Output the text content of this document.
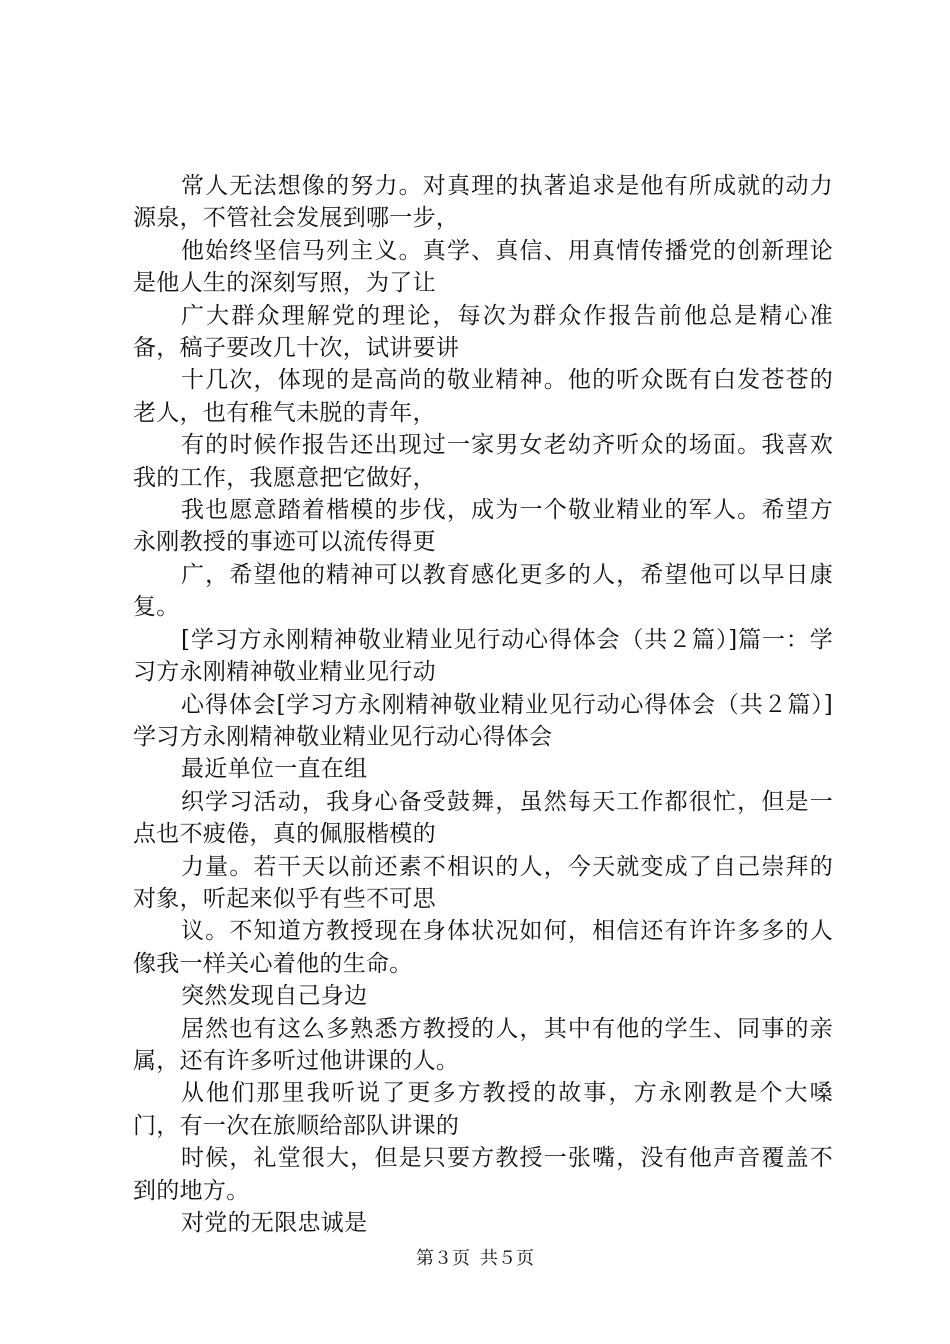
常人无法想像的努力。对真理的执著追求是他有所成就的动力源泉，不管社会发展到哪一步，

他始终坚信马列主义。真学、真信、用真情传播党的创新理论是他人生的深刻写照，为了让

广大群众理解党的理论，每次为群众作报告前他总是精心准备，稿子要改几十次，试讲要讲

十几次，体现的是高尚的敬业精神。他的听众既有白发苍苍的老人，也有稚气未脱的青年，

有的时候作报告还出现过一家男女老幼齐听众的场面。我喜欢我的工作，我愿意把它做好，

我也愿意踏着楷模的步伐，成为一个敬业精业的军人。希望方永刚教授的事迹可以流传得更

广，希望他的精神可以教育感化更多的人，希望他可以早日康复。

[学习方永刚精神敬业精业见行动心得体会（共２篇）]篇一：学习方永刚精神敬业精业见行动

心得体会[学习方永刚精神敬业精业见行动心得体会（共２篇）]学习方永刚精神敬业精业见行动心得体会

最近单位一直在组

织学习活动，我身心备受鼓舞，虽然每天工作都很忙，但是一点也不疲倦，真的佩服楷模的

力量。若干天以前还素不相识的人，今天就变成了自己崇拜的对象，听起来似乎有些不可思

议。不知道方教授现在身体状况如何，相信还有许许多多的人像我一样关心着他的生命。

突然发现自己身边

居然也有这么多熟悉方教授的人，其中有他的学生、同事的亲属，还有许多听过他讲课的人。

从他们那里我听说了更多方教授的故事，方永刚教是个大嗓门，有一次在旅顺给部队讲课的

时候，礼堂很大，但是只要方教授一张嘴，没有他声音覆盖不到的地方。

对党的无限忠诚是

第３页 共５页
